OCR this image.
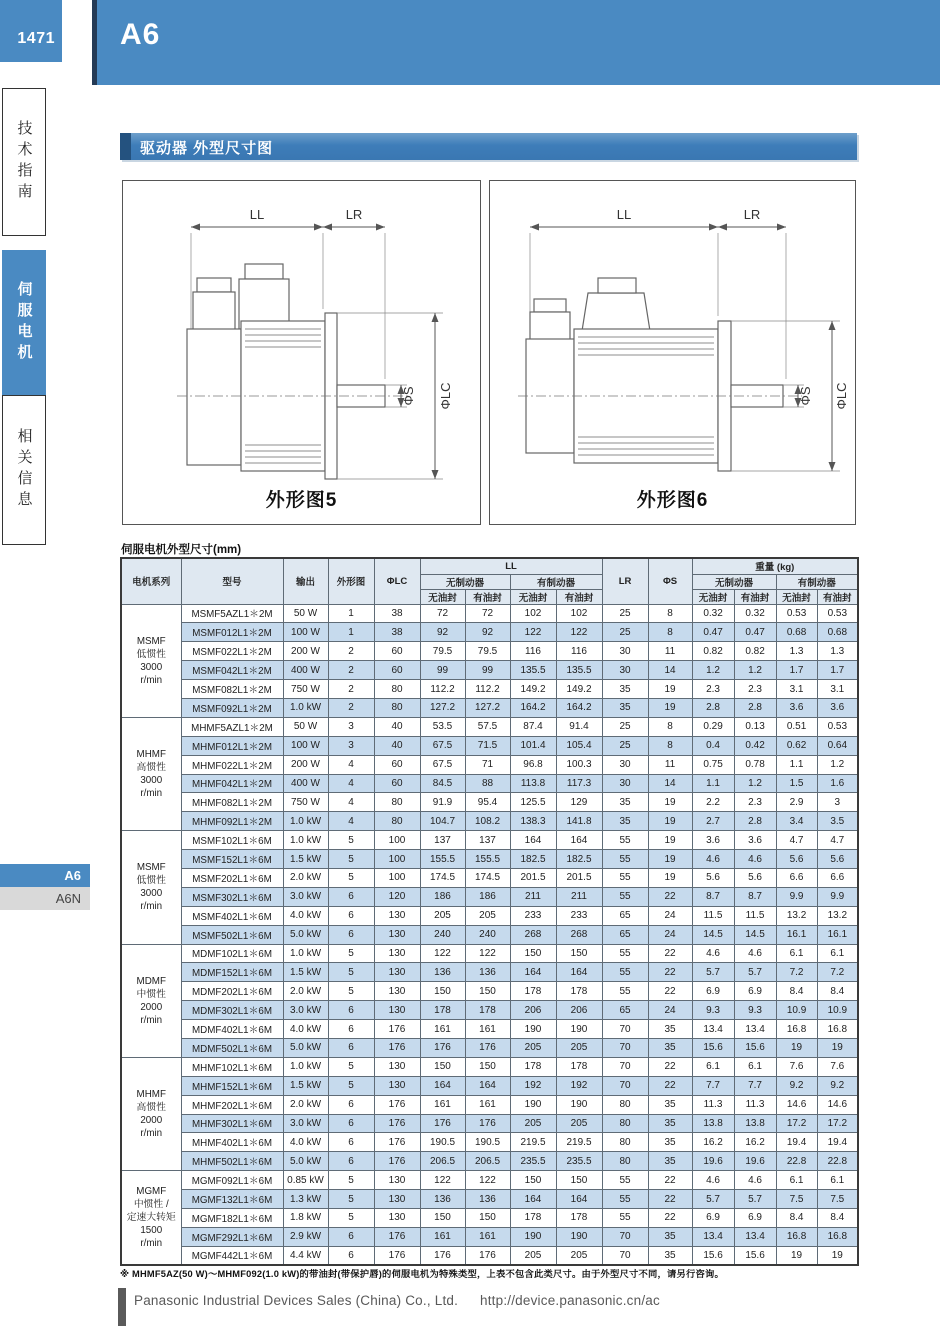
1471 A6
技术指南
伺服电机
相关信息
A6
A6N
驱动器 外型尺寸图
LL	LR
ΦS ΦLC
外形图5
LL	LR
ΦS ΦLC
外形图6
伺服电机外型尺寸(mm)
电机系列	型号	输出	外形图	ΦLC	LL				LR	ΦS	重量 (kg)			
					无制动器		有制动器				无制动器		有制动器	
					无油封	有油封	无油封	有油封			无油封	有油封	无油封	有油封

MSMF
低惯性
3000
r/min	MSMF5AZL1＊2M	50 W	1	38	72	72	102	102	25	8	0.32	0.32	0.53	0.53
	MSMF012L1＊2M	100 W	1	38	92	92	122	122	25	8	0.47	0.47	0.68	0.68
	MSMF022L1＊2M	200 W	2	60	79.5	79.5	116	116	30	11	0.82	0.82	1.3	1.3
	MSMF042L1＊2M	400 W	2	60	99	99	135.5	135.5	30	14	1.2	1.2	1.7	1.7
	MSMF082L1＊2M	750 W	2	80	112.2	112.2	149.2	149.2	35	19	2.3	2.3	3.1	3.1
	MSMF092L1＊2M	1.0 kW	2	80	127.2	127.2	164.2	164.2	35	19	2.8	2.8	3.6	3.6

MHMF
高惯性
3000
r/min	MHMF5AZL1＊2M	50 W	3	40	53.5	57.5	87.4	91.4	25	8	0.29	0.13	0.51	0.53
	MHMF012L1＊2M	100 W	3	40	67.5	71.5	101.4	105.4	25	8	0.4	0.42	0.62	0.64
	MHMF022L1＊2M	200 W	4	60	67.5	71	96.8	100.3	30	11	0.75	0.78	1.1	1.2
	MHMF042L1＊2M	400 W	4	60	84.5	88	113.8	117.3	30	14	1.1	1.2	1.5	1.6
	MHMF082L1＊2M	750 W	4	80	91.9	95.4	125.5	129	35	19	2.2	2.3	2.9	3
	MHMF092L1＊2M	1.0 kW	4	80	104.7	108.2	138.3	141.8	35	19	2.7	2.8	3.4	3.5

MSMF
低惯性
3000
r/min	MSMF102L1＊6M	1.0 kW	5	100	137	137	164	164	55	19	3.6	3.6	4.7	4.7
	MSMF152L1＊6M	1.5 kW	5	100	155.5	155.5	182.5	182.5	55	19	4.6	4.6	5.6	5.6
	MSMF202L1＊6M	2.0 kW	5	100	174.5	174.5	201.5	201.5	55	19	5.6	5.6	6.6	6.6
	MSMF302L1＊6M	3.0 kW	6	120	186	186	211	211	55	22	8.7	8.7	9.9	9.9
	MSMF402L1＊6M	4.0 kW	6	130	205	205	233	233	65	24	11.5	11.5	13.2	13.2
	MSMF502L1＊6M	5.0 kW	6	130	240	240	268	268	65	24	14.5	14.5	16.1	16.1

MDMF
中惯性
2000
r/min	MDMF102L1＊6M	1.0 kW	5	130	122	122	150	150	55	22	4.6	4.6	6.1	6.1
	MDMF152L1＊6M	1.5 kW	5	130	136	136	164	164	55	22	5.7	5.7	7.2	7.2
	MDMF202L1＊6M	2.0 kW	5	130	150	150	178	178	55	22	6.9	6.9	8.4	8.4
	MDMF302L1＊6M	3.0 kW	6	130	178	178	206	206	65	24	9.3	9.3	10.9	10.9
	MDMF402L1＊6M	4.0 kW	6	176	161	161	190	190	70	35	13.4	13.4	16.8	16.8
	MDMF502L1＊6M	5.0 kW	6	176	176	176	205	205	70	35	15.6	15.6	19	19

MHMF
高惯性
2000
r/min	MHMF102L1＊6M	1.0 kW	5	130	150	150	178	178	70	22	6.1	6.1	7.6	7.6
	MHMF152L1＊6M	1.5 kW	5	130	164	164	192	192	70	22	7.7	7.7	9.2	9.2
	MHMF202L1＊6M	2.0 kW	6	176	161	161	190	190	80	35	11.3	11.3	14.6	14.6
	MHMF302L1＊6M	3.0 kW	6	176	176	176	205	205	80	35	13.8	13.8	17.2	17.2
	MHMF402L1＊6M	4.0 kW	6	176	190.5	190.5	219.5	219.5	80	35	16.2	16.2	19.4	19.4
	MHMF502L1＊6M	5.0 kW	6	176	206.5	206.5	235.5	235.5	80	35	19.6	19.6	22.8	22.8

MGMF
中惯性 /
定速大转矩
1500
r/min	MGMF092L1＊6M	0.85 kW	5	130	122	122	150	150	55	22	4.6	4.6	6.1	6.1
	MGMF132L1＊6M	1.3 kW	5	130	136	136	164	164	55	22	5.7	5.7	7.5	7.5
	MGMF182L1＊6M	1.8 kW	5	130	150	150	178	178	55	22	6.9	6.9	8.4	8.4
	MGMF292L1＊6M	2.9 kW	6	176	161	161	190	190	70	35	13.4	13.4	16.8	16.8
	MGMF442L1＊6M	4.4 kW	6	176	176	176	205	205	70	35	15.6	15.6	19	19
※ MHMF5AZ(50 W)～MHMF092(1.0 kW)的带油封(带保护唇)的伺服电机为特殊类型，上表不包含此类尺寸。由于外型尺寸不同，请另行咨询。
Panasonic Industrial Devices Sales (China) Co., Ltd. http://device.panasonic.cn/ac
